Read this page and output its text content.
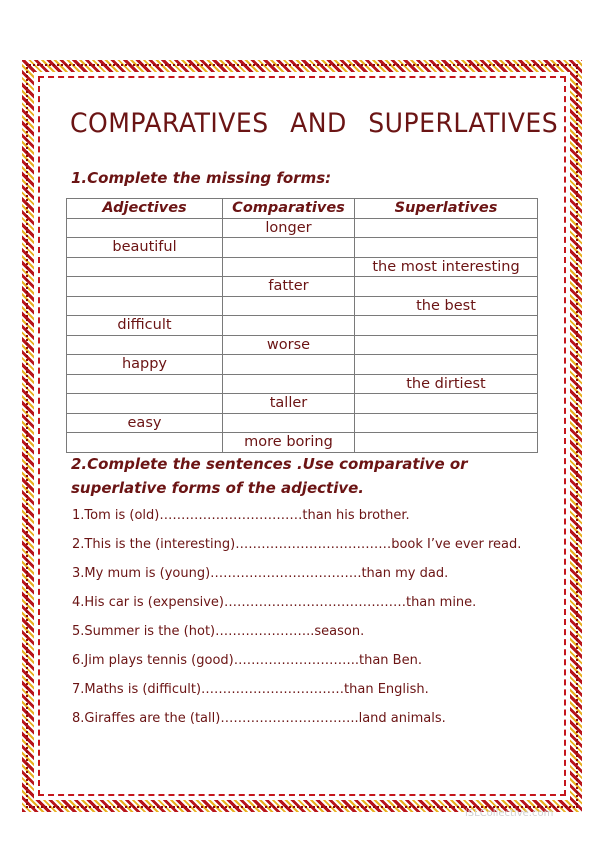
COMPARATIVES AND SUPERLATIVES
1.Complete the missing forms:
Adjectives	Comparatives	Superlatives
	longer	
beautiful		
		the most interesting
	fatter	
		the best
difficult		
	worse	
happy		
		the dirtiest
	taller	
easy		
	more boring	
2.Complete the sentences .Use comparative or superlative forms of the adjective.
1.Tom is (old)……………………………than his brother.
2.This is the (interesting)………………………………book I’ve ever read.
3.My mum is (young)……………………………..than my dad.
4.His car is (expensive)……………………………………than mine.
5.Summer is the (hot)…………………..season.
6.Jim plays tennis (good)………………………..than Ben.
7.Maths is (difficult)……………………………than English.
8.Giraffes are the (tall)…………………………..land animals.
iSLCollective.com
